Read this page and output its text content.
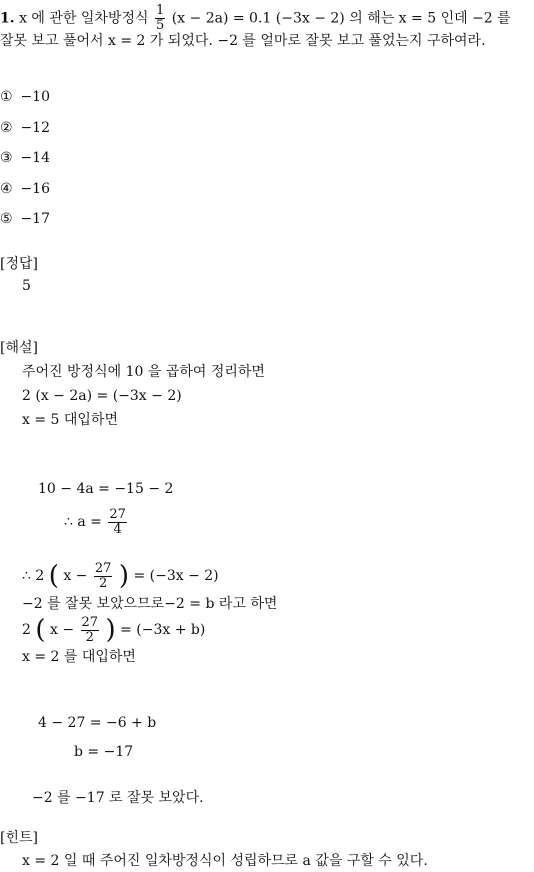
1. x 에 관한 일차방정식 $\frac{1}{5} (x - 2a) = 0.1$ (−3x − 2) 의 해는 x = 5 인데 −2 를
잘못 보고 풀어서 x = 2 가 되었다. −2 를 얼마로 잘못 보고 풀었는지 구하여라.
① −10
② −12
③ −14
④ −16
⑤ −17
[정답]
5
[해설]
주어진 방정식에 10 을 곱하여 정리하면
2 (x − 2a) = (−3x − 2)
x = 5 대입하면
10 − 4a = −15 − 2
∴ $a = \frac{27}{4}$
∴ 2 ( $x - \frac{27}{2}$ ) = (−3x − 2)
−2 를 잘못 보았으므로−2 = b 라고 하면
2 ( $x - \frac{27}{2}$ ) = (−3x + b)
x = 2 를 대입하면
4 − 27 = −6 + b
b = −17
−2 를 −17 로 잘못 보았다.
[힌트]
x = 2 일 때 주어진 일차방정식이 성립하므로 a 값을 구할 수 있다.
